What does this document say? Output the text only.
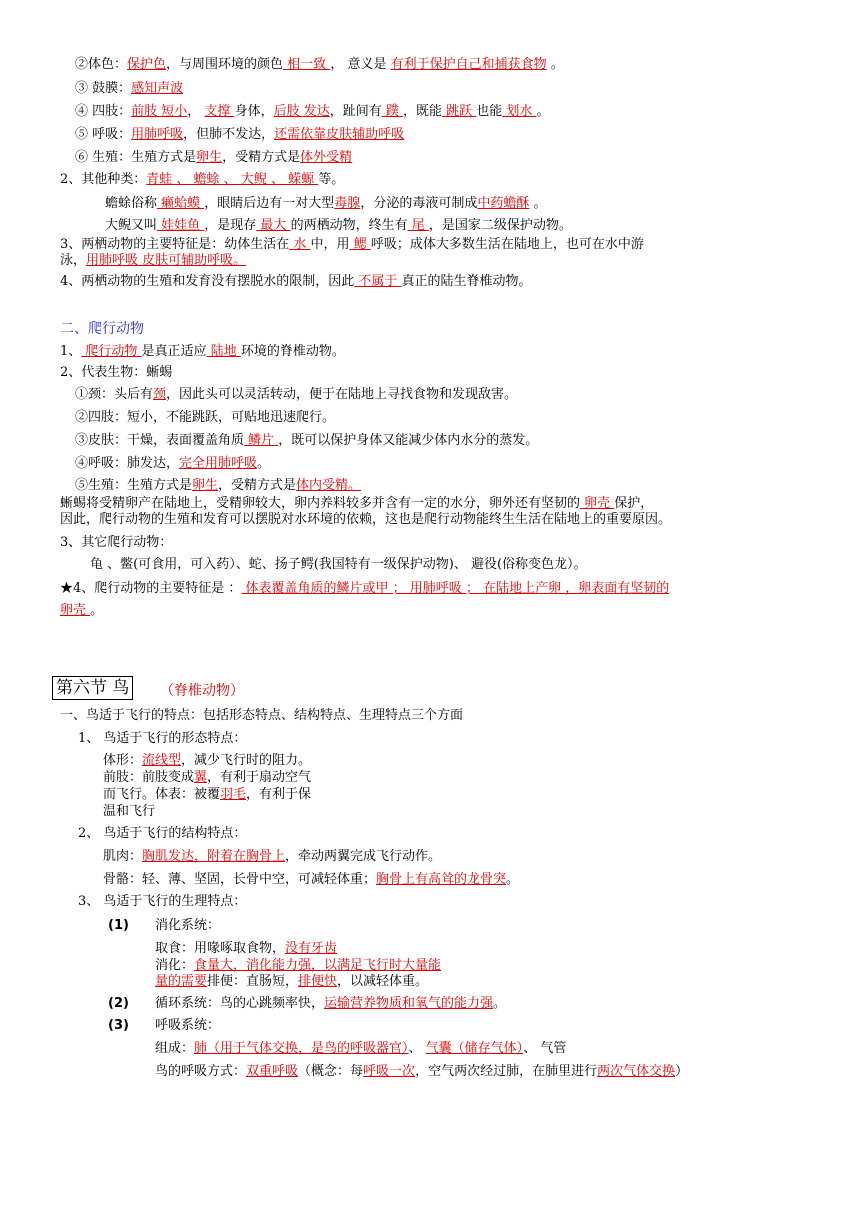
二、爬行动物
第六节 鸟 （脊椎动物）
②体色：保护色，与周围环境的颜色 相一致 ， 意义是 有利于保护自己和捕获食物 。
③ 鼓膜：感知声波
④ 四肢：前肢 短小， 支撑 身体，后肢 发达，趾间有 蹼 ，既能 跳跃 也能 划水 。
⑤ 呼吸：用肺呼吸，但肺不发达，还需依靠皮肤辅助呼吸
⑥ 生殖：生殖方式是卵生，受精方式是体外受精
2、其他种类：青蛙 、 蟾蜍 、 大鲵 、 蝾螈 等。
蟾蜍俗称 癞蛤蟆 ，眼睛后边有一对大型毒腺，分泌的毒液可制成中药蟾酥 。
大鲵又叫 娃娃鱼 ，是现存 最大 的两栖动物，终生有 尾 ，是国家二级保护动物。
3、两栖动物的主要特征是：幼体生活在 水 中，用 鳃 呼吸；成体大多数生活在陆地上，也可在水中游
泳，用肺呼吸 皮肤可辅助呼吸。
4、两栖动物的生殖和发育没有摆脱水的限制，因此 不属于 真正的陆生脊椎动物。
1、 爬行动物 是真正适应 陆地 环境的脊椎动物。
2、代表生物：蜥蜴
①颈：头后有颈，因此头可以灵活转动，便于在陆地上寻找食物和发现敌害。
②四肢：短小，不能跳跃，可贴地迅速爬行。
③皮肤：干燥，表面覆盖角质 鳞片 ，既可以保护身体又能减少体内水分的蒸发。
④呼吸：肺发达，完全用肺呼吸。
⑤生殖：生殖方式是卵生，受精方式是体内受精。
蜥蜴将受精卵产在陆地上，受精卵较大，卵内养料较多并含有一定的水分，卵外还有坚韧的 卵壳 保护，
因此，爬行动物的生殖和发育可以摆脱对水环境的依赖，这也是爬行动物能终生生活在陆地上的重要原因。
3、其它爬行动物：
龟 、鳖(可食用，可入药）、蛇、扬子鳄(我国特有一级保护动物)、 避役(俗称变色龙）。
★4、爬行动物的主要特征是 ： 体表覆盖角质的鳞片或甲 ； 用肺呼吸 ； 在陆地上产卵 ，卵表面有坚韧的
卵壳 。
一、鸟适于飞行的特点：包括形态特点、结构特点、生理特点三个方面
1、 鸟适于飞行的形态特点：
体形：流线型，减少飞行时的阻力。
前肢：前肢变成翼，有利于扇动空气
而飞行。体表：被覆羽毛，有利于保
温和飞行
2、 鸟适于飞行的结构特点：
肌肉：胸肌发达，附着在胸骨上，牵动两翼完成飞行动作。
骨骼：轻、薄、坚固，长骨中空，可减轻体重；胸骨上有高耸的龙骨突。
3、 鸟适于飞行的生理特点：
消化系统：
取食：用喙啄取食物，没有牙齿
消化：食量大，消化能力强，以满足飞行时大量能
量的需要排便：直肠短，排便快，以减轻体重。
循环系统：鸟的心跳频率快，运输营养物质和氧气的能力强。
呼吸系统：
组成：肺（用于气体交换，是鸟的呼吸器官）、 气囊（储存气体）、 气管
鸟的呼吸方式：双重呼吸（概念：每呼吸一次，空气两次经过肺，在肺里进行两次气体交换）
(1)
(2)
(3)
